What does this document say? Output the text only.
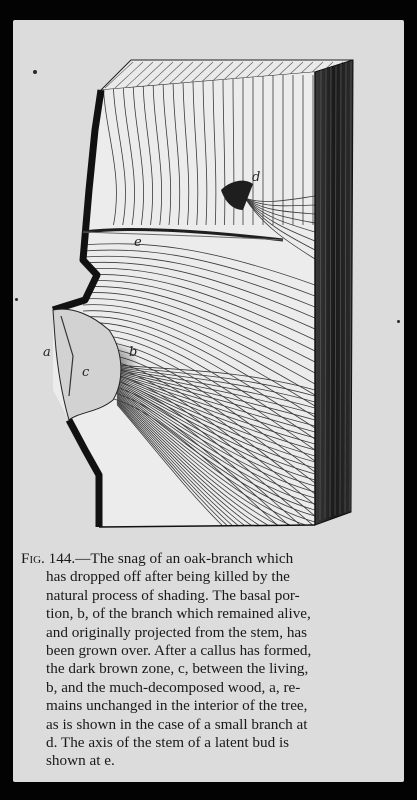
d
e
a	b
c
Fig. 144.—The snag of an oak-branch which
has dropped off after being killed by the
natural process of shading. The basal por-
tion, b, of the branch which remained alive,
and originally projected from the stem, has
been grown over. After a callus has formed,
the dark brown zone, c, between the living,
b, and the much-decomposed wood, a, re-
mains unchanged in the interior of the tree,
as is shown in the case of a small branch at
d. The axis of the stem of a latent bud is
shown at e.
